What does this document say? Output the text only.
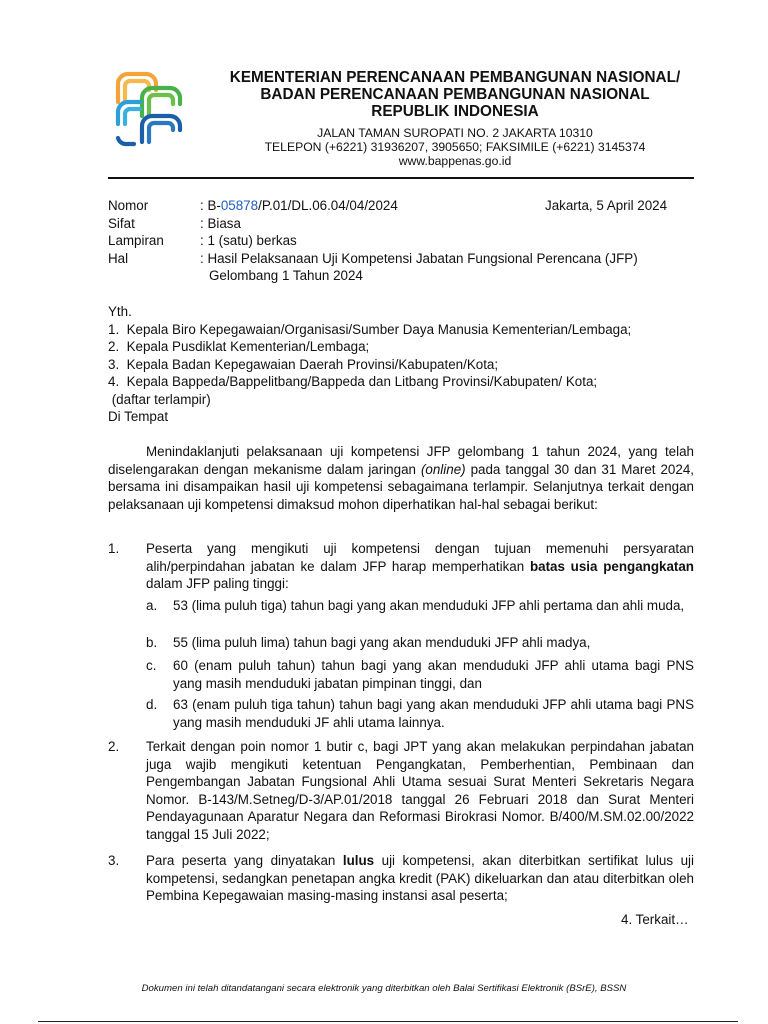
KEMENTERIAN PERENCANAAN PEMBANGUNAN NASIONAL/
BADAN PERENCANAAN PEMBANGUNAN NASIONAL
REPUBLIK INDONESIA
JALAN TAMAN SUROPATI NO. 2 JAKARTA 10310
TELEPON (+6221) 31936207, 3905650; FAKSIMILE (+6221) 3145374
www.bappenas.go.id
Nomor	: B-05878/P.01/DL.06.04/04/2024	Jakarta, 5 April 2024
Sifat	: Biasa
Lampiran	: 1 (satu) berkas
Hal	: Hasil Pelaksanaan Uji Kompetensi Jabatan Fungsional Perencana (JFP)
Gelombang 1 Tahun 2024
Yth.
1.  Kepala Biro Kepegawaian/Organisasi/Sumber Daya Manusia Kementerian/Lembaga;
2.  Kepala Pusdiklat Kementerian/Lembaga;
3.  Kepala Badan Kepegawaian Daerah Provinsi/Kabupaten/Kota;
4.  Kepala Bappeda/Bappelitbang/Bappeda dan Litbang Provinsi/Kabupaten/ Kota;
(daftar terlampir)
Di Tempat
Menindaklanjuti pelaksanaan uji kompetensi JFP gelombang 1 tahun 2024, yang telah diselengarakan dengan mekanisme dalam jaringan (online) pada tanggal 30 dan 31 Maret 2024, bersama ini disampaikan hasil uji kompetensi sebagaimana terlampir. Selanjutnya terkait dengan pelaksanaan uji kompetensi dimaksud mohon diperhatikan hal-hal sebagai berikut:
1. Peserta yang mengikuti uji kompetensi dengan tujuan memenuhi persyaratan alih/perpindahan jabatan ke dalam JFP harap memperhatikan batas usia pengangkatan dalam JFP paling tinggi:
a. 53 (lima puluh tiga) tahun bagi yang akan menduduki JFP ahli pertama dan ahli muda,
b. 55 (lima puluh lima) tahun bagi yang akan menduduki JFP ahli madya,
c. 60 (enam puluh tahun) tahun bagi yang akan menduduki JFP ahli utama bagi PNS yang masih menduduki jabatan pimpinan tinggi, dan
d. 63 (enam puluh tiga tahun) tahun bagi yang akan menduduki JFP ahli utama bagi PNS yang masih menduduki JF ahli utama lainnya.
2. Terkait dengan poin nomor 1 butir c, bagi JPT yang akan melakukan perpindahan jabatan juga wajib mengikuti ketentuan Pengangkatan, Pemberhentian, Pembinaan dan Pengembangan Jabatan Fungsional Ahli Utama sesuai Surat Menteri Sekretaris Negara Nomor. B-143/M.Setneg/D-3/AP.01/2018 tanggal 26 Februari 2018 dan Surat Menteri Pendayagunaan Aparatur Negara dan Reformasi Birokrasi Nomor. B/400/M.SM.02.00/2022 tanggal 15 Juli 2022;
3. Para peserta yang dinyatakan lulus uji kompetensi, akan diterbitkan sertifikat lulus uji kompetensi, sedangkan penetapan angka kredit (PAK) dikeluarkan dan atau diterbitkan oleh Pembina Kepegawaian masing-masing instansi asal peserta;
4. Terkait…
Dokumen ini telah ditandatangani secara elektronik yang diterbitkan oleh Balai Sertifikasi Elektronik (BSrE), BSSN
